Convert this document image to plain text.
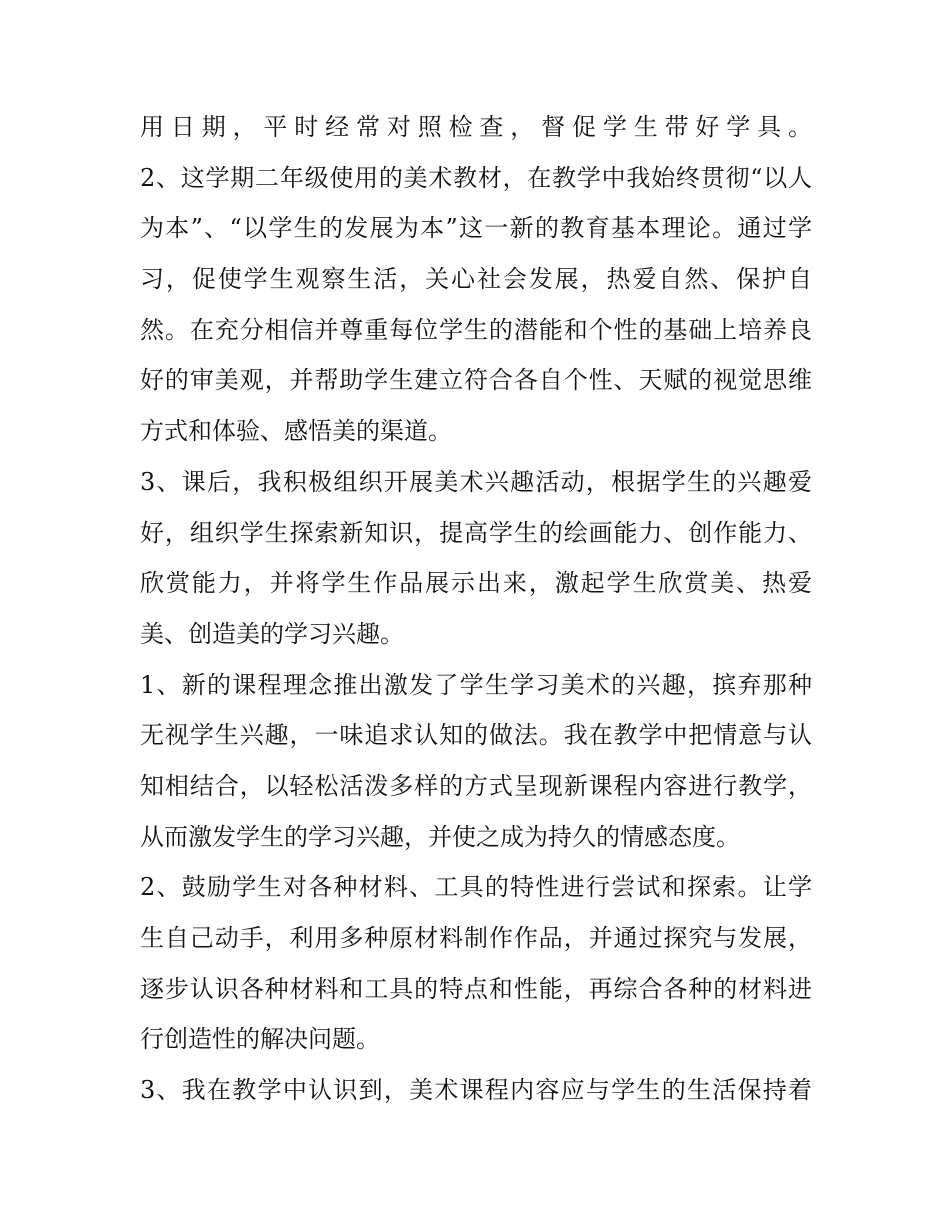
用日期，平时经常对照检查，督促学生带好学具。
2、这学期二年级使用的美术教材，在教学中我始终贯彻“以人
为本”、“以学生的发展为本”这一新的教育基本理论。通过学
习，促使学生观察生活，关心社会发展，热爱自然、保护自
然。在充分相信并尊重每位学生的潜能和个性的基础上培养良
好的审美观，并帮助学生建立符合各自个性、天赋的视觉思维
方式和体验、感悟美的渠道。
3、课后，我积极组织开展美术兴趣活动，根据学生的兴趣爱
好，组织学生探索新知识，提高学生的绘画能力、创作能力、
欣赏能力，并将学生作品展示出来，激起学生欣赏美、热爱
美、创造美的学习兴趣。
1、新的课程理念推出激发了学生学习美术的兴趣，摈弃那种
无视学生兴趣，一味追求认知的做法。我在教学中把情意与认
知相结合，以轻松活泼多样的方式呈现新课程内容进行教学，
从而激发学生的学习兴趣，并使之成为持久的情感态度。
2、鼓励学生对各种材料、工具的特性进行尝试和探索。让学
生自己动手，利用多种原材料制作作品，并通过探究与发展，
逐步认识各种材料和工具的特点和性能，再综合各种的材料进
行创造性的解决问题。
3、我在教学中认识到，美术课程内容应与学生的生活保持着
